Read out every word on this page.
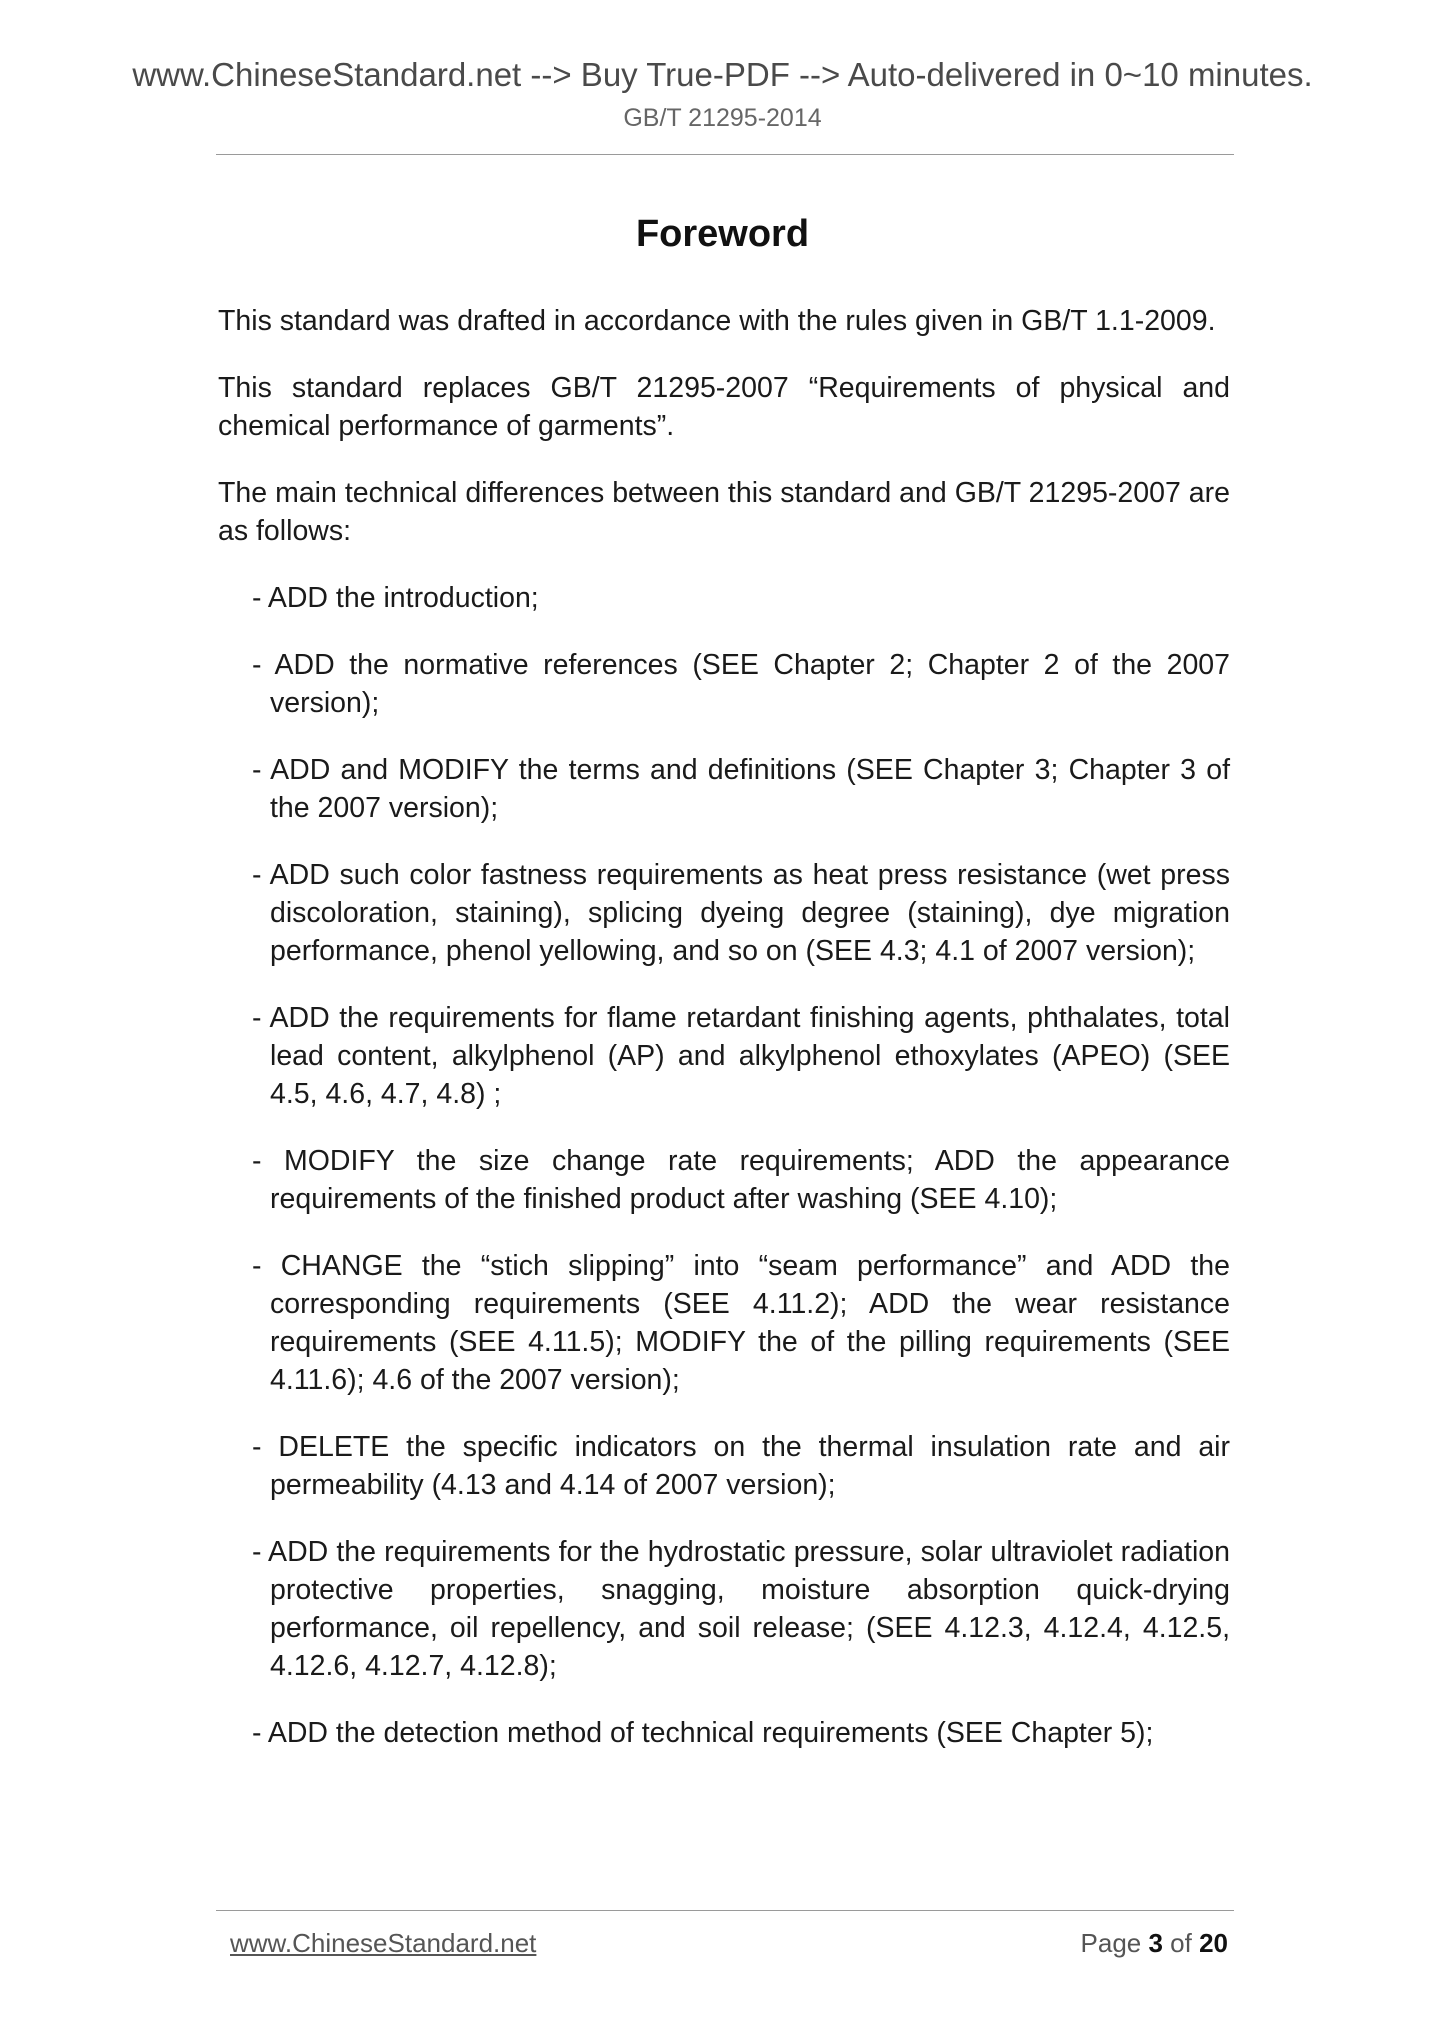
www.ChineseStandard.net --> Buy True-PDF --> Auto-delivered in 0~10 minutes.
GB/T 21295-2014
Foreword

This standard was drafted in accordance with the rules given in GB/T 1.1-2009.

This standard replaces GB/T 21295-2007 “Requirements of physical and chemical performance of garments”.

The main technical differences between this standard and GB/T 21295-2007 are as follows:

- ADD the introduction;

- ADD the normative references (SEE Chapter 2; Chapter 2 of the 2007 version);

- ADD and MODIFY the terms and definitions (SEE Chapter 3; Chapter 3 of the 2007 version);

- ADD such color fastness requirements as heat press resistance (wet press discoloration, staining), splicing dyeing degree (staining), dye migration performance, phenol yellowing, and so on (SEE 4.3; 4.1 of 2007 version);

- ADD the requirements for flame retardant finishing agents, phthalates, total lead content, alkylphenol (AP) and alkylphenol ethoxylates (APEO) (SEE 4.5, 4.6, 4.7, 4.8) ;

- MODIFY the size change rate requirements; ADD the appearance requirements of the finished product after washing (SEE 4.10);

- CHANGE the “stich slipping” into “seam performance” and ADD the corresponding requirements (SEE 4.11.2); ADD the wear resistance requirements (SEE 4.11.5); MODIFY the of the pilling requirements (SEE 4.11.6); 4.6 of the 2007 version);

- DELETE the specific indicators on the thermal insulation rate and air permeability (4.13 and 4.14 of 2007 version);

- ADD the requirements for the hydrostatic pressure, solar ultraviolet radiation protective properties, snagging, moisture absorption quick-drying performance, oil repellency, and soil release; (SEE 4.12.3, 4.12.4, 4.12.5, 4.12.6, 4.12.7, 4.12.8);

- ADD the detection method of technical requirements (SEE Chapter 5);

www.ChineseStandard.net	Page 3 of 20
